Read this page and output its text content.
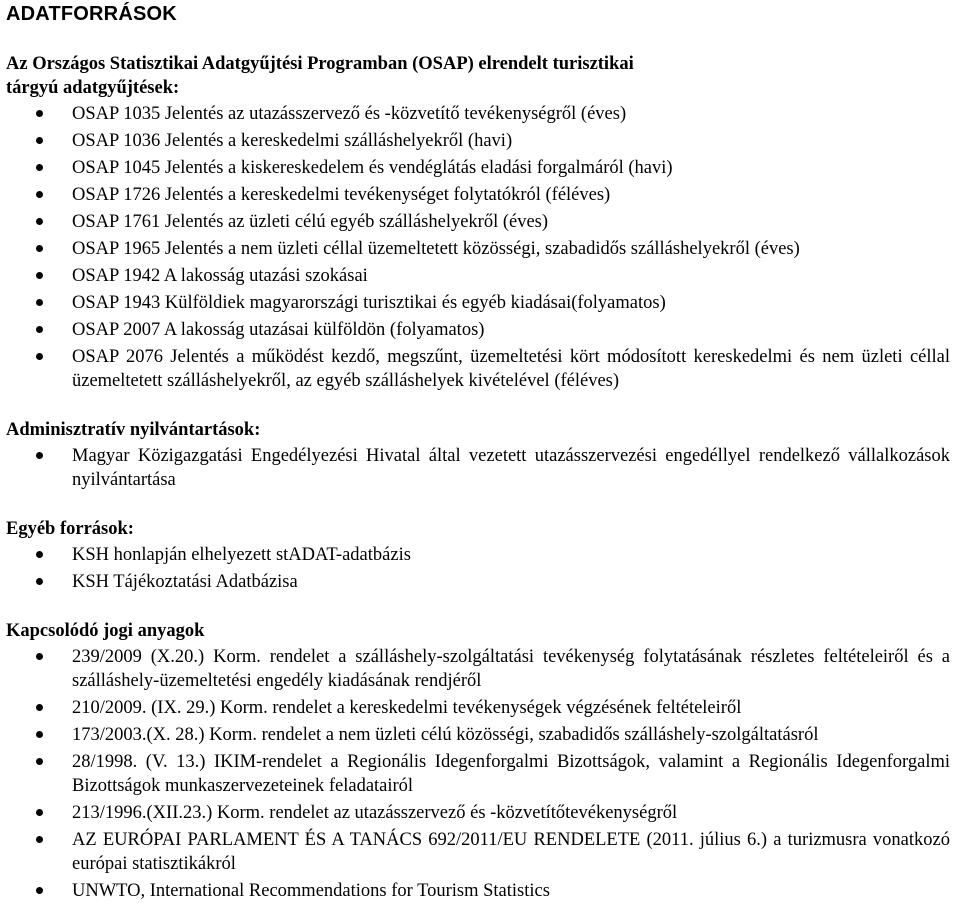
ADATFORRÁSOK
Az Országos Statisztikai Adatgyűjtési Programban (OSAP) elrendelt turisztikai
tárgyú adatgyűjtések:
OSAP 1035 Jelentés az utazásszervező és -közvetítő tevékenységről (éves)
OSAP 1036 Jelentés a kereskedelmi szálláshelyekről (havi)
OSAP 1045 Jelentés a kiskereskedelem és vendéglátás eladási forgalmáról (havi)
OSAP 1726 Jelentés a kereskedelmi tevékenységet folytatókról (féléves)
OSAP 1761 Jelentés az üzleti célú egyéb szálláshelyekről (éves)
OSAP 1965 Jelentés a nem üzleti céllal üzemeltetett közösségi, szabadidős szálláshelyekről (éves)
OSAP 1942 A lakosság utazási szokásai
OSAP 1943 Külföldiek magyarországi turisztikai és egyéb kiadásai(folyamatos)
OSAP 2007 A lakosság utazásai külföldön (folyamatos)
OSAP 2076 Jelentés a működést kezdő, megszűnt, üzemeltetési kört módosított kereskedelmi és nem üzleti céllal üzemeltetett szálláshelyekről, az egyéb szálláshelyek kivételével (féléves)
Adminisztratív nyilvántartások:
Magyar Közigazgatási Engedélyezési Hivatal által vezetett utazásszervezési engedéllyel rendelkező vállalkozások nyilvántartása
Egyéb források:
KSH honlapján elhelyezett stADAT-adatbázis
KSH Tájékoztatási Adatbázisa
Kapcsolódó jogi anyagok
239/2009 (X.20.) Korm. rendelet a szálláshely-szolgáltatási tevékenység folytatásának részletes feltételeiről és a szálláshely-üzemeltetési engedély kiadásának rendjéről
210/2009. (IX. 29.) Korm. rendelet a kereskedelmi tevékenységek végzésének feltételeiről
173/2003.(X. 28.) Korm. rendelet a nem üzleti célú közösségi, szabadidős szálláshely-szolgáltatásról
28/1998. (V. 13.) IKIM-rendelet a Regionális Idegenforgalmi Bizottságok, valamint a Regionális Idegenforgalmi Bizottságok munkaszervezeteinek feladatairól
213/1996.(XII.23.) Korm. rendelet az utazásszervező és -közvetítőtevékenységről
AZ EURÓPAI PARLAMENT ÉS A TANÁCS 692/2011/EU RENDELETE (2011. július 6.) a turizmusra vonatkozó európai statisztikákról
UNWTO, International Recommendations for Tourism Statistics
